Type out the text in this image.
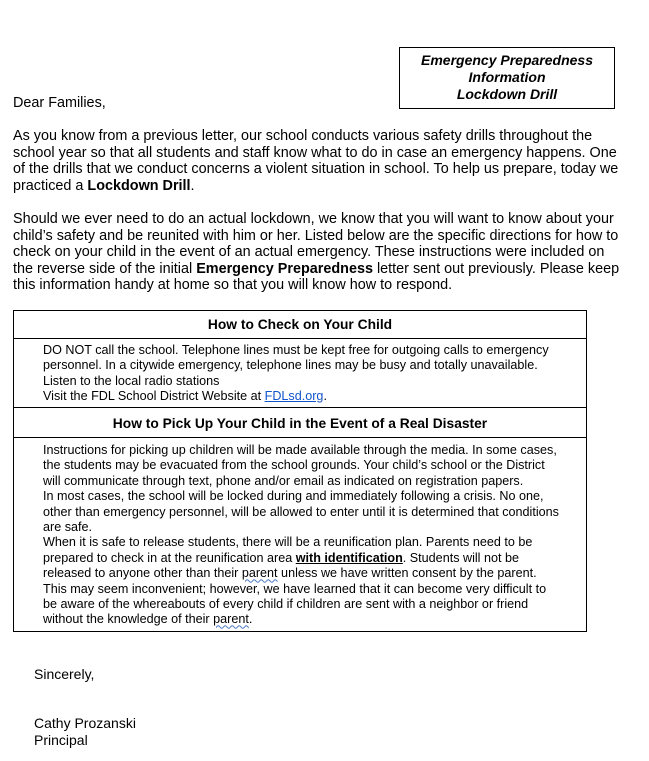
Emergency Preparedness
Information
Lockdown Drill
Dear Families,
As you know from a previous letter, our school conducts various safety drills throughout the
school year so that all students and staff know what to do in case an emergency happens. One
of the drills that we conduct concerns a violent situation in school. To help us prepare, today we
practiced a Lockdown Drill.
Should we ever need to do an actual lockdown, we know that you will want to know about your
child’s safety and be reunited with him or her. Listed below are the specific directions for how to
check on your child in the event of an actual emergency. These instructions were included on
the reverse side of the initial Emergency Preparedness letter sent out previously. Please keep
this information handy at home so that you will know how to respond.
How to Check on Your Child
DO NOT call the school. Telephone lines must be kept free for outgoing calls to emergency
personnel. In a citywide emergency, telephone lines may be busy and totally unavailable.
Listen to the local radio stations
Visit the FDL School District Website at FDLsd.org.
How to Pick Up Your Child in the Event of a Real Disaster
Instructions for picking up children will be made available through the media. In some cases,
the students may be evacuated from the school grounds. Your child’s school or the District
will communicate through text, phone and/or email as indicated on registration papers.
In most cases, the school will be locked during and immediately following a crisis. No one,
other than emergency personnel, will be allowed to enter until it is determined that conditions
are safe.
When it is safe to release students, there will be a reunification plan. Parents need to be
prepared to check in at the reunification area with identification. Students will not be
released to anyone other than their parent unless we have written consent by the parent.
This may seem inconvenient; however, we have learned that it can become very difficult to
be aware of the whereabouts of every child if children are sent with a neighbor or friend
without the knowledge of their parent.
Sincerely,
Cathy Prozanski
Principal
